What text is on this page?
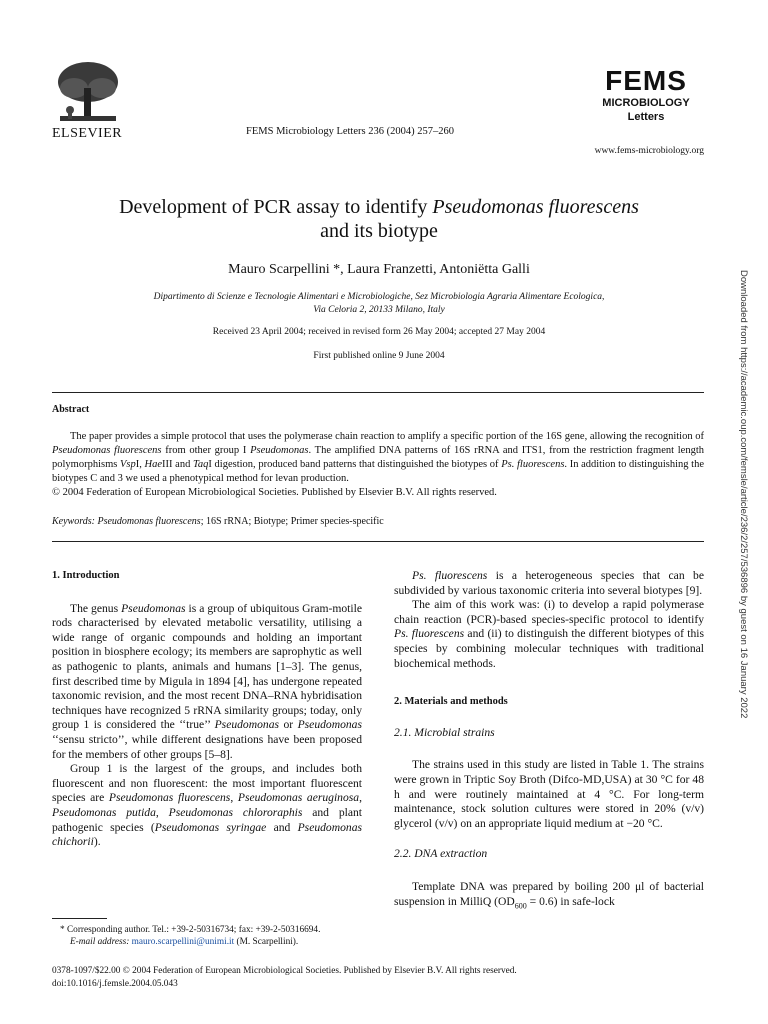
ELSEVIER	FEMS Microbiology Letters 236 (2004) 257–260
FEMS
MICROBIOLOGY
Letters
www.fems-microbiology.org
Development of PCR assay to identify Pseudomonas fluorescens
and its biotype
Mauro Scarpellini *, Laura Franzetti, Antoniëtta Galli
Dipartimento di Scienze e Tecnologie Alimentari e Microbiologiche, Sez Microbiologia Agraria Alimentare Ecologica,
Via Celoria 2, 20133 Milano, Italy
Received 23 April 2004; received in revised form 26 May 2004; accepted 27 May 2004
First published online 9 June 2004
Abstract

The paper provides a simple protocol that uses the polymerase chain reaction to amplify a specific portion of the 16S gene, allowing the recognition of Pseudomonas fluorescens from other group I Pseudomonas. The amplified DNA patterns of 16S rRNA and ITS1, from the restriction fragment length polymorphisms VspI, HaeIII and TaqI digestion, produced band patterns that distinguished the biotypes of Ps. fluorescens. In addition to distinguishing the biotypes C and 3 we used a phenotypical method for levan production.

© 2004 Federation of European Microbiological Societies. Published by Elsevier B.V. All rights reserved.

Keywords: Pseudomonas fluorescens; 16S rRNA; Biotype; Primer species-specific
1. Introduction

The genus Pseudomonas is a group of ubiquitous Gram-motile rods characterised by elevated metabolic versatility, utilising a wide range of organic compounds and holding an important position in biosphere ecology; its members are saprophytic as well as pathogenic to plants, animals and humans [1–3]. The genus, first described time by Migula in 1894 [4], has undergone repeated taxonomic revision, and the most recent DNA–RNA hybridisation techniques have recognized 5 rRNA similarity groups; today, only group 1 is considered the ‘‘true’’ Pseudomonas or Pseudomonas ‘‘sensu stricto’’, while different designations have been proposed for the members of other groups [5–8].

Group 1 is the largest of the groups, and includes both fluorescent and non fluorescent: the most important fluorescent species are Pseudomonas fluorescens, Pseudomonas aeruginosa, Pseudomonas putida, Pseudomonas chlororaphis and plant pathogenic species (Pseudomonas syringae and Pseudomonas chichorii).

Ps. fluorescens is a heterogeneous species that can be subdivided by various taxonomic criteria into several biotypes [9].

The aim of this work was: (i) to develop a rapid polymerase chain reaction (PCR)-based species-specific protocol to identify Ps. fluorescens and (ii) to distinguish the different biotypes of this species by combining molecular techniques with traditional biochemical methods.

2. Materials and methods
2.1. Microbial strains

The strains used in this study are listed in Table 1. The strains were grown in Triptic Soy Broth (Difco-MD,USA) at 30 °C for 48 h and were routinely maintained at 4 °C. For long-term maintenance, stock solution cultures were stored in 20% (v/v) glycerol (v/v) on an appropriate liquid medium at −20 °C.

2.2. DNA extraction

Template DNA was prepared by boiling 200 μl of bacterial suspension in MilliQ $(OD_{600} = 0.6)$ in safe-lock

* Corresponding author. Tel.: +39-2-50316734; fax: +39-2-50316694.
E-mail address: mauro.scarpellini@unimi.it (M. Scarpellini).
0378-1097/$22.00 © 2004 Federation of European Microbiological Societies. Published by Elsevier B.V. All rights reserved.
doi:10.1016/j.femsle.2004.05.043
Downloaded from https://academic.oup.com/femsle/article/236/2/257/536896 by guest on 16 January 2022
